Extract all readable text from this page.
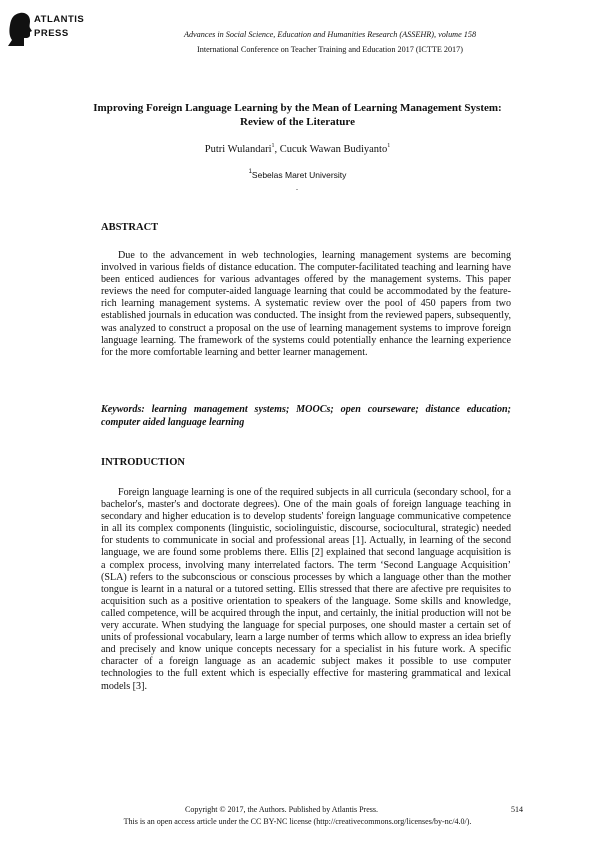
ATLANTIS
PRESS	Advances in Social Science, Education and Humanities Research (ASSEHR), volume 158
International Conference on Teacher Training and Education 2017 (ICTTE 2017)
Improving Foreign Language Learning by the Mean of Learning Management System: Review of the Literature
Putri Wulandari$^1$, Cucuk Wawan Budiyanto$^1$
$^1$Sebelas Maret University
.
ABSTRACT

Due to the advancement in web technologies, learning management systems are becoming involved in various fields of distance education. The computer-facilitated teaching and learning have been enticed audiences for various advantages offered by the management systems. This paper reviews the need for computer-aided language learning that could be accommodated by the feature-rich learning management systems. A systematic review over the pool of 450 papers from two established journals in education was conducted. The insight from the reviewed papers, subsequently, was analyzed to construct a proposal on the use of learning management systems to improve foreign language learning. The framework of the systems could potentially enhance the learning experience for the more comfortable learning and better learner management.

Keywords: learning management systems; MOOCs; open courseware; distance education; computer aided language learning

INTRODUCTION

Foreign language learning is one of the required subjects in all curricula (secondary school, for a bachelor's, master's and doctorate degrees). One of the main goals of foreign language teaching in secondary and higher education is to develop students' foreign language communicative competence in all its complex components (linguistic, sociolinguistic, discourse, sociocultural, strategic) needed for students to communicate in social and professional areas [1]. Actually, in learning of the second language, we are found some problems there. Ellis [2] explained that second language acquisition is a complex process, involving many interrelated factors. The term ‘Second Language Acquisition’ (SLA) refers to the subconscious or conscious processes by which a language other than the mother tongue is learnt in a natural or a tutored setting. Ellis stressed that there are afective pre requisites to acquisition such as a positive orientation to speakers of the language. Some skills and knowledge, called competence, will be acquired through the input, and certainly, the initial production will not be very accurate. When studying the language for special purposes, one should master a certain set of units of professional vocabulary, learn a large number of terms which allow to express an idea briefly and precisely and know unique concepts necessary for a specialist in his future work. A specific character of a foreign language as an academic subject makes it possible to use computer technologies to the full extent which is especially effective for mastering grammatical and lexical models [3].

Copyright © 2017, the Authors. Published by Atlantis Press.	514
This is an open access article under the CC BY-NC license (http://creativecommons.org/licenses/by-nc/4.0/).
